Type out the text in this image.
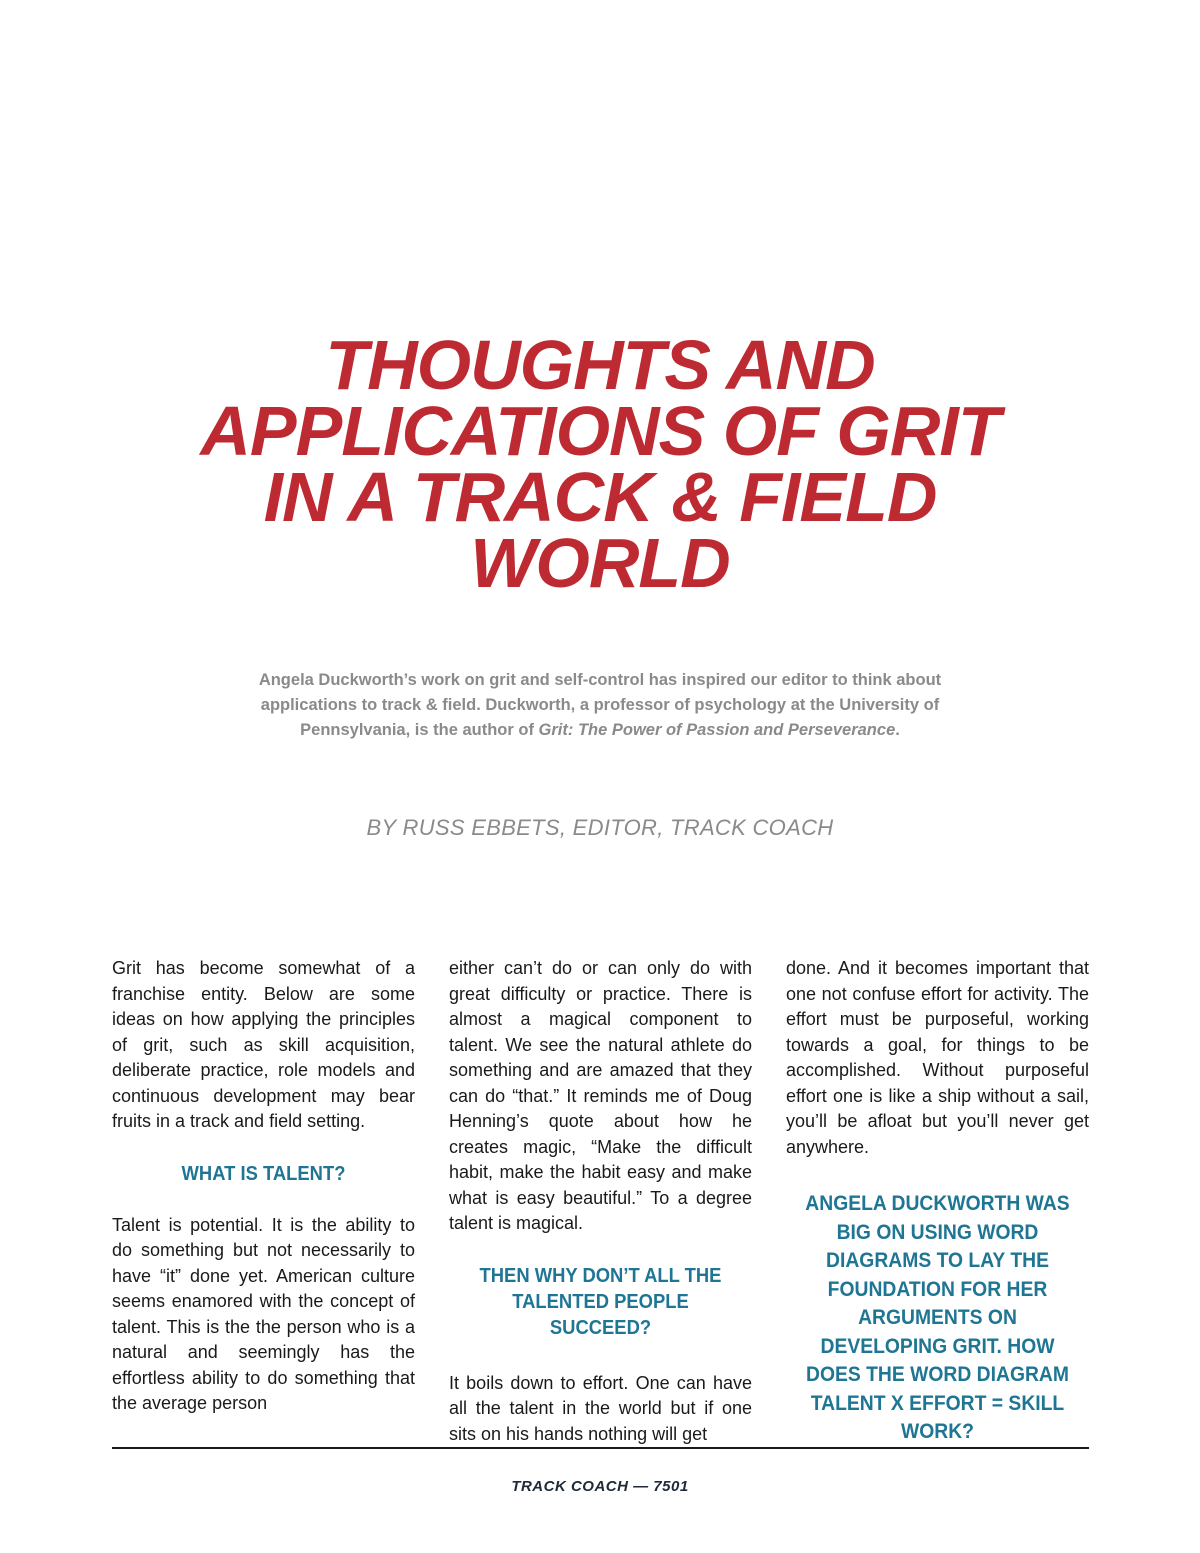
THOUGHTS AND
APPLICATIONS OF GRIT
IN A TRACK & FIELD
WORLD

Angela Duckworth’s work on grit and self-control has inspired our editor to think about applications to track & field. Duckworth, a professor of psychology at the University of Pennsylvania, is the author of Grit: The Power of Passion and Perseverance.

BY RUSS EBBETS, EDITOR, TRACK COACH

Grit has become somewhat of a franchise entity. Below are some ideas on how applying the principles of grit, such as skill acquisition, deliberate practice, role models and continuous development may bear fruits in a track and field setting.

WHAT IS TALENT?

Talent is potential. It is the ability to do something but not necessarily to have “it” done yet. American culture seems enamored with the concept of talent. This is the the person who is a natural and seemingly has the effortless ability to do something that the average person

either can’t do or can only do with great difficulty or practice. There is almost a magical component to talent. We see the natural athlete do something and are amazed that they can do “that.” It reminds me of Doug Henning’s quote about how he creates magic, “Make the difficult habit, make the habit easy and make what is easy beautiful.” To a degree talent is magical.

THEN WHY DON’T ALL THE TALENTED PEOPLE SUCCEED?

It boils down to effort. One can have all the talent in the world but if one sits on his hands nothing will get

done. And it becomes important that one not confuse effort for activity. The effort must be purposeful, working towards a goal, for things to be accomplished. Without purposeful effort one is like a ship without a sail, you’ll be afloat but you’ll never get anywhere.

ANGELA DUCKWORTH WAS BIG ON USING WORD DIAGRAMS TO LAY THE FOUNDATION FOR HER ARGUMENTS ON DEVELOPING GRIT. HOW DOES THE WORD DIAGRAM TALENT X EFFORT = SKILL WORK?

TRACK COACH — 7501
